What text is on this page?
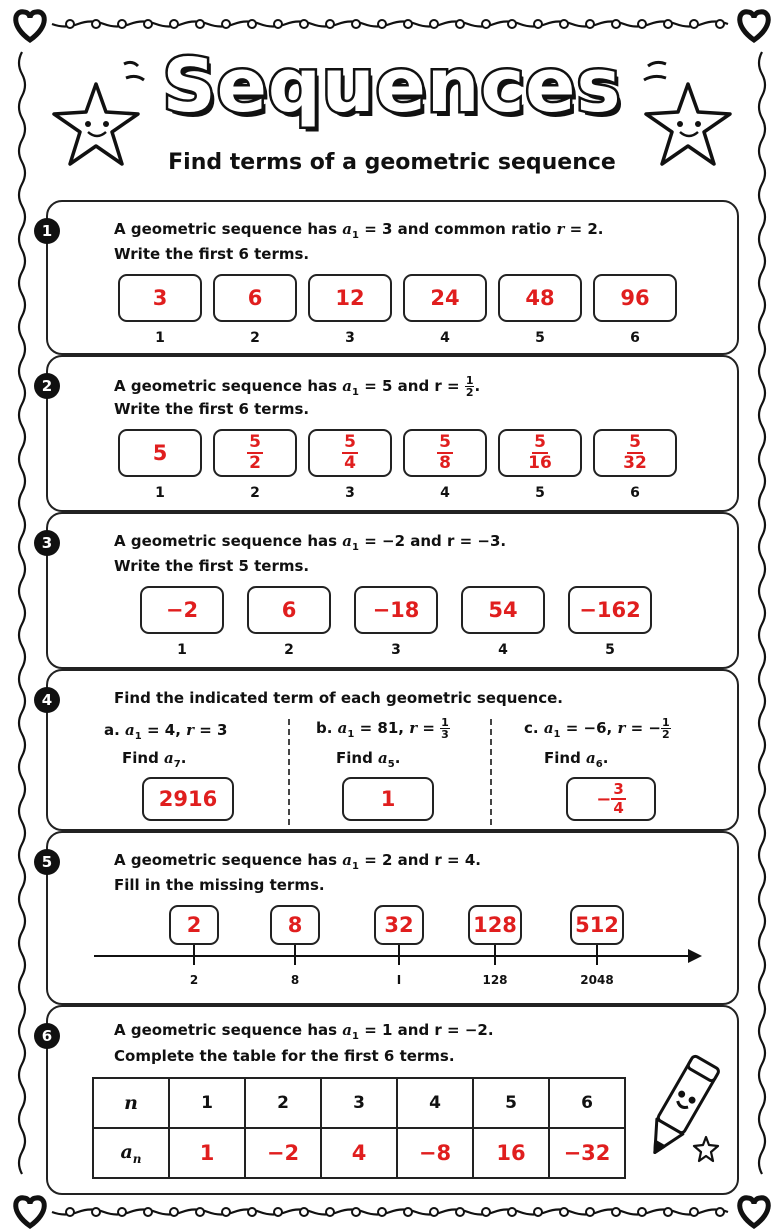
Sequences
Find terms of a geometric sequence
1	A geometric sequence has $a_1 = 3$ and common ratio r = 2.
Write the first 6 terms.
3
1
6
2
12
3
24
4
48
5
96
6
2	A geometric sequence has $a_1 = 5$ and $r = \frac{1}{2}$ .
Write the first 6 terms.
5
1
$\frac{5}{2}$
2
$\frac{5}{4}$
3
$\frac{5}{8}$
4
$\frac{5}{16}$
5
$\frac{5}{32}$
6
3	A geometric sequence has $a_1 = -2$ and r = −3.
Write the first 5 terms.
−2
1
6
2
−18
3
54
4
−162
5
4	Find the indicated term of each geometric sequence.
a. $a_1 = 4$, r = 3
Find $a_7$.
2916
b. $a_1 = 81$, $r = \frac{1}{3}$
Find $a_5$.
1
c. $a_1 = -6$, r = − $\frac{1}{2}$
Find $a_6$.
− $\frac{3}{4}$
5	A geometric sequence has $a_1 = 2$ and r = 4.
Fill in the missing terms.
2
2
8
8
32
I
128
128
512
2048
6	A geometric sequence has $a_1 = 1$ and r = −2.
Complete the table for the first 6 terms.
n	1	2	3	4	5	6
$a_n$	1	−2	4	−8	16	−32
